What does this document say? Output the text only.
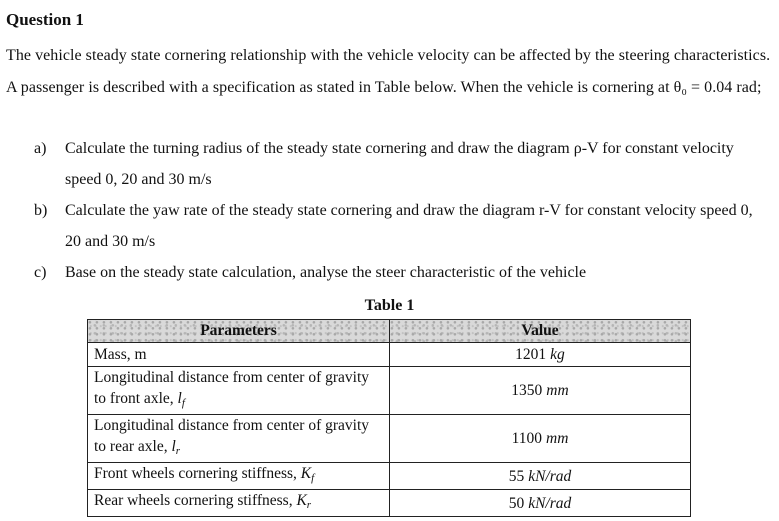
Question 1

The vehicle steady state cornering relationship with the vehicle velocity can be affected by the steering characteristics. A passenger is described with a specification as stated in Table below. When the vehicle is cornering at θ₀ = 0.04 rad;

a) Calculate the turning radius of the steady state cornering and draw the diagram ρ-V for constant velocity speed 0, 20 and 30 m/s
b) Calculate the yaw rate of the steady state cornering and draw the diagram r-V for constant velocity speed 0, 20 and 30 m/s
c) Base on the steady state calculation, analyse the steer characteristic of the vehicle
Table 1
Parameters	Value
Mass, m	1201 kg
Longitudinal distance from center of gravity to front axle, $l_f$	1350 mm
Longitudinal distance from center of gravity to rear axle, $l_r$	1100 mm
Front wheels cornering stiffness, $K_f$	55 kN/rad
Rear wheels cornering stiffness, $K_r$	50 kN/rad
